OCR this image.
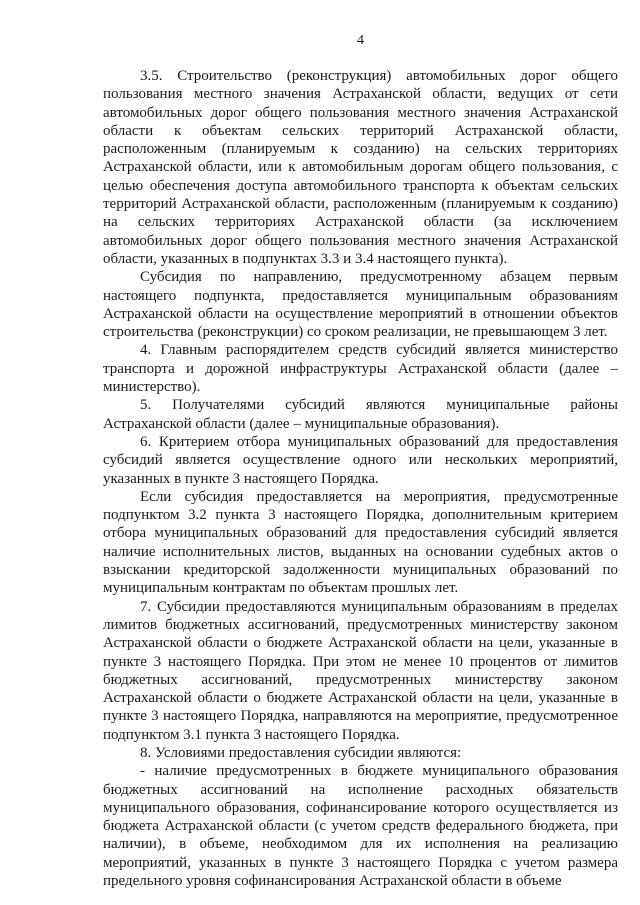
4

3.5. Строительство (реконструкция) автомобильных дорог общего пользования местного значения Астраханской области, ведущих от сети автомобильных дорог общего пользования местного значения Астраханской области к объектам сельских территорий Астраханской области, расположенным (планируемым к созданию) на сельских территориях Астраханской области, или к автомобильным дорогам общего пользования, с целью обеспечения доступа автомобильного транспорта к объектам сельских территорий Астраханской области, расположенным (планируемым к созданию) на сельских территориях Астраханской области (за исключением автомобильных дорог общего пользования местного значения Астраханской области, указанных в подпунктах 3.3 и 3.4 настоящего пункта).

Субсидия по направлению, предусмотренному абзацем первым настоящего подпункта, предоставляется муниципальным образованиям Астраханской области на осуществление мероприятий в отношении объектов строительства (реконструкции) со сроком реализации, не превышающем 3 лет.

4. Главным распорядителем средств субсидий является министерство транспорта и дорожной инфраструктуры Астраханской области (далее – министерство).

5. Получателями субсидий являются муниципальные районы Астраханской области (далее – муниципальные образования).

6. Критерием отбора муниципальных образований для предоставления субсидий является осуществление одного или нескольких мероприятий, указанных в пункте 3 настоящего Порядка.

Если субсидия предоставляется на мероприятия, предусмотренные подпунктом 3.2 пункта 3 настоящего Порядка, дополнительным критерием отбора муниципальных образований для предоставления субсидий является наличие исполнительных листов, выданных на основании судебных актов о взыскании кредиторской задолженности муниципальных образований по муниципальным контрактам по объектам прошлых лет.

7. Субсидии предоставляются муниципальным образованиям в пределах лимитов бюджетных ассигнований, предусмотренных министерству законом Астраханской области о бюджете Астраханской области на цели, указанные в пункте 3 настоящего Порядка. При этом не менее 10 процентов от лимитов бюджетных ассигнований, предусмотренных министерству законом Астраханской области о бюджете Астраханской области на цели, указанные в пункте 3 настоящего Порядка, направляются на мероприятие, предусмотренное подпунктом 3.1 пункта 3 настоящего Порядка.

8. Условиями предоставления субсидии являются:

- наличие предусмотренных в бюджете муниципального образования бюджетных ассигнований на исполнение расходных обязательств муниципального образования, софинансирование которого осуществляется из бюджета Астраханской области (с учетом средств федерального бюджета, при наличии), в объеме, необходимом для их исполнения на реализацию мероприятий, указанных в пункте 3 настоящего Порядка с учетом размера предельного уровня софинансирования Астраханской области в объеме
